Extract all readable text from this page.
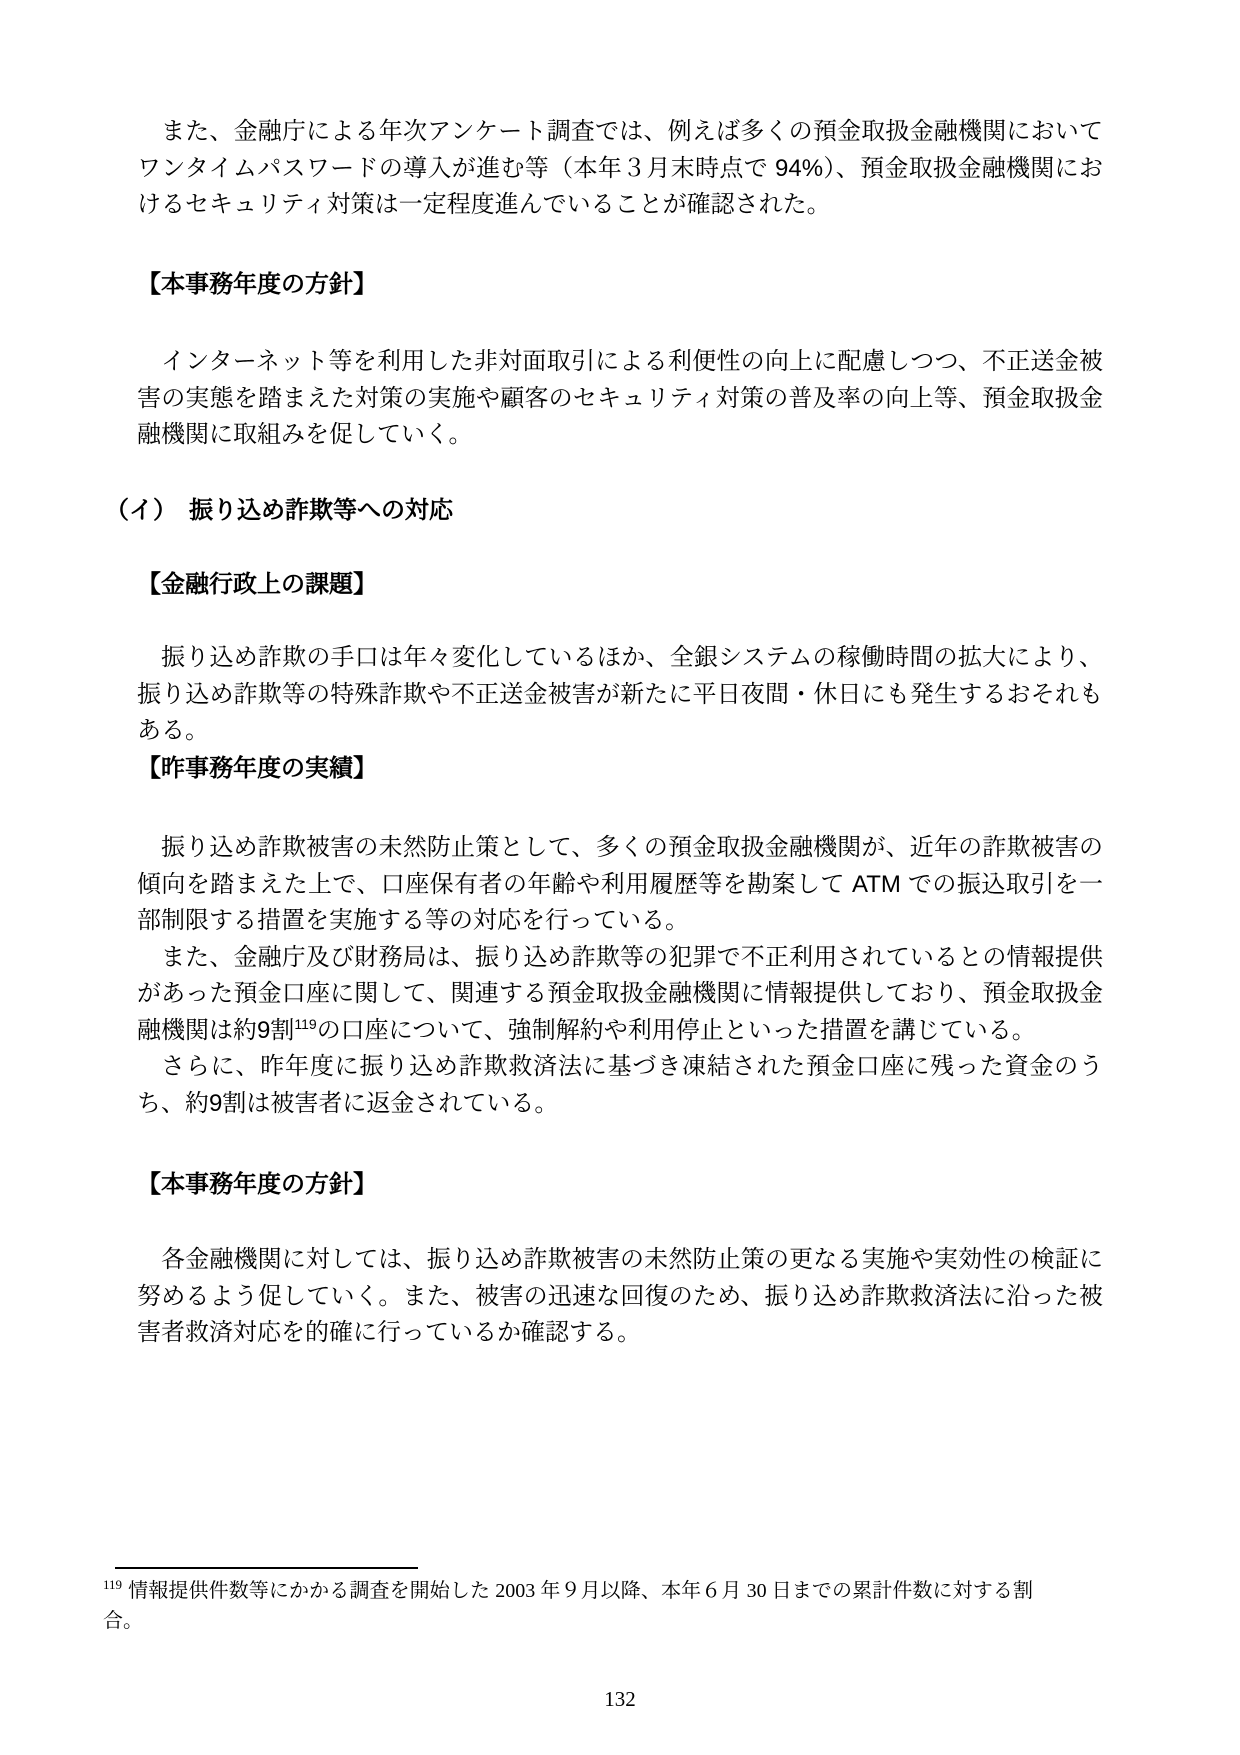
また、金融庁による年次アンケート調査では、例えば多くの預金取扱金融機関においてワンタイムパスワードの導入が進む等（本年３月末時点で 94%）、預金取扱金融機関におけるセキュリティ対策は一定程度進んでいることが確認された。

【本事務年度の方針】

インターネット等を利用した非対面取引による利便性の向上に配慮しつつ、不正送金被害の実態を踏まえた対策の実施や顧客のセキュリティ対策の普及率の向上等、預金取扱金融機関に取組みを促していく。

（イ）　振り込め詐欺等への対応

【金融行政上の課題】

振り込め詐欺の手口は年々変化しているほか、全銀システムの稼働時間の拡大により、振り込め詐欺等の特殊詐欺や不正送金被害が新たに平日夜間・休日にも発生するおそれもある。

【昨事務年度の実績】

振り込め詐欺被害の未然防止策として、多くの預金取扱金融機関が、近年の詐欺被害の傾向を踏まえた上で、口座保有者の年齢や利用履歴等を勘案して ATM での振込取引を一部制限する措置を実施する等の対応を行っている。

また、金融庁及び財務局は、振り込め詐欺等の犯罪で不正利用されているとの情報提供があった預金口座に関して、関連する預金取扱金融機関に情報提供しており、預金取扱金融機関は約9割$^{119}$の口座について、強制解約や利用停止といった措置を講じている。

さらに、昨年度に振り込め詐欺救済法に基づき凍結された預金口座に残った資金のうち、約9割は被害者に返金されている。

【本事務年度の方針】

各金融機関に対しては、振り込め詐欺被害の未然防止策の更なる実施や実効性の検証に努めるよう促していく。また、被害の迅速な回復のため、振り込め詐欺救済法に沿った被害者救済対応を的確に行っているか確認する。

$^{119}$ 情報提供件数等にかかる調査を開始した 2003 年９月以降、本年６月 30 日までの累計件数に対する割合。

132
